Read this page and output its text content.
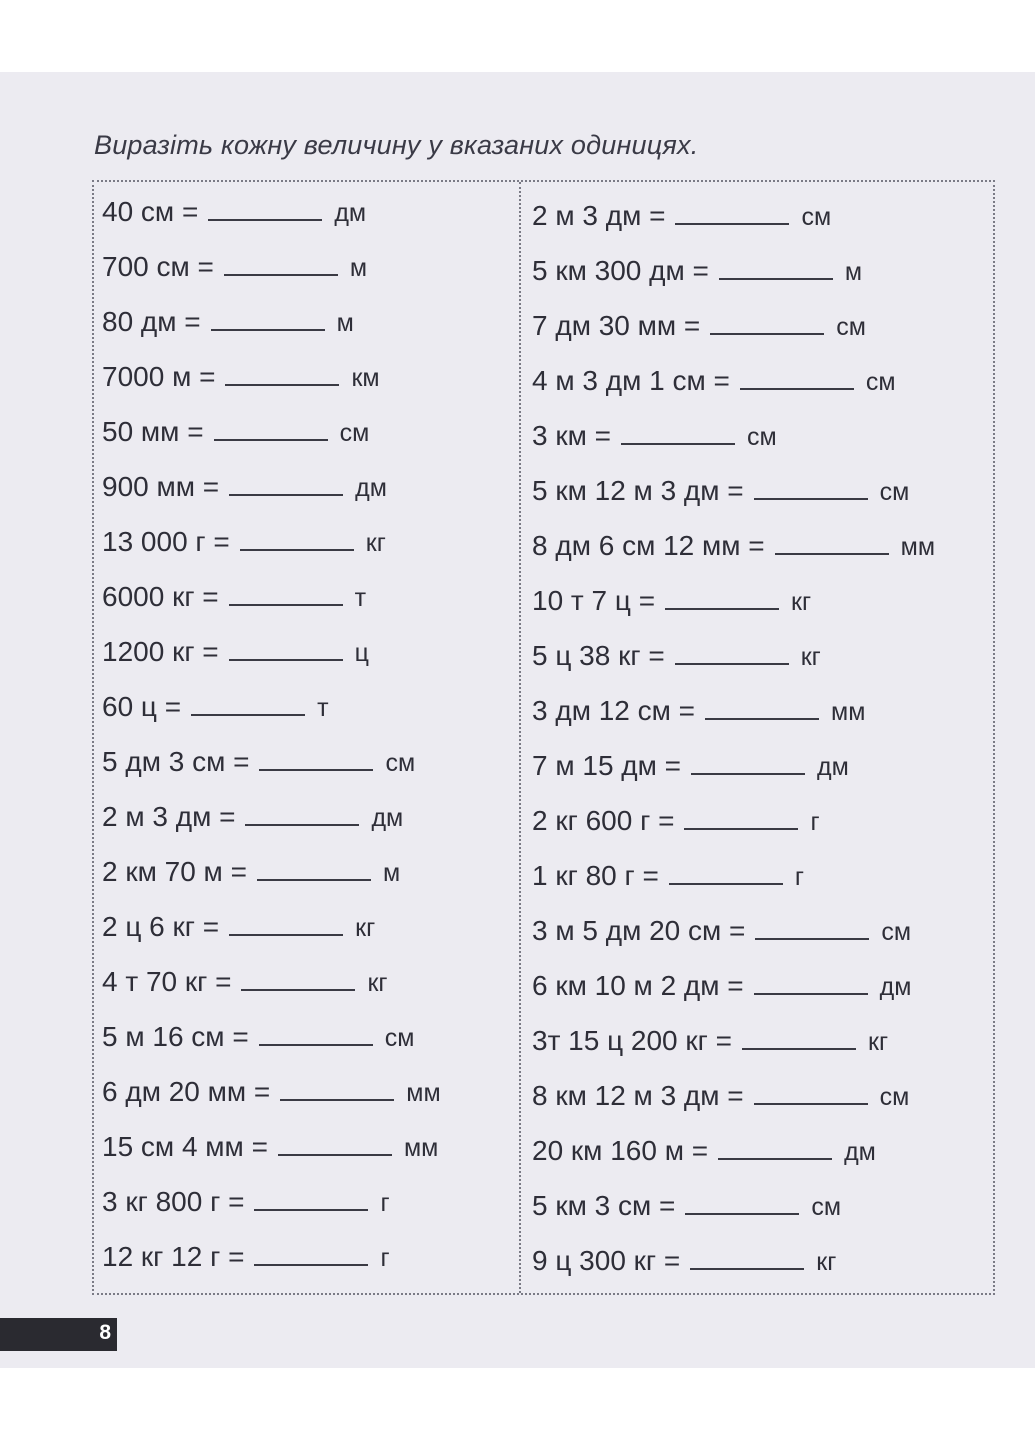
Виразіть кожну величину у вказаних одиницях.
40 см =	дм
700 см =	м
80 дм =	м
7000 м =	км
50 мм =	см
900 мм =	дм
13 000 г =	кг
6000 кг =	т
1200 кг =	ц
60 ц =	т
5 дм 3 см =	см
2 м 3 дм =	дм
2 км 70 м =	м
2 ц 6 кг =	кг
4 т 70 кг =	кг
5 м 16 см =	см
6 дм 20 мм =	мм
15 см 4 мм =	мм
3 кг 800 г =	г
12 кг 12 г =	г
2 м 3 дм =	см
5 км 300 дм =	м
7 дм 30 мм =	см
4 м 3 дм 1 см =	см
3 км =	см
5 км 12 м 3 дм =	см
8 дм 6 см 12 мм =	мм
10 т 7 ц =	кг
5 ц 38 кг =	кг
3 дм 12 см =	мм
7 м 15 дм =	дм
2 кг 600 г =	г
1 кг 80 г =	г
3 м 5 дм 20 см =	см
6 км 10 м 2 дм =	дм
3т 15 ц 200 кг =	кг
8 км 12 м 3 дм =	см
20 км 160 м =	дм
5 км 3 см =	см
9 ц 300 кг =	кг
8
